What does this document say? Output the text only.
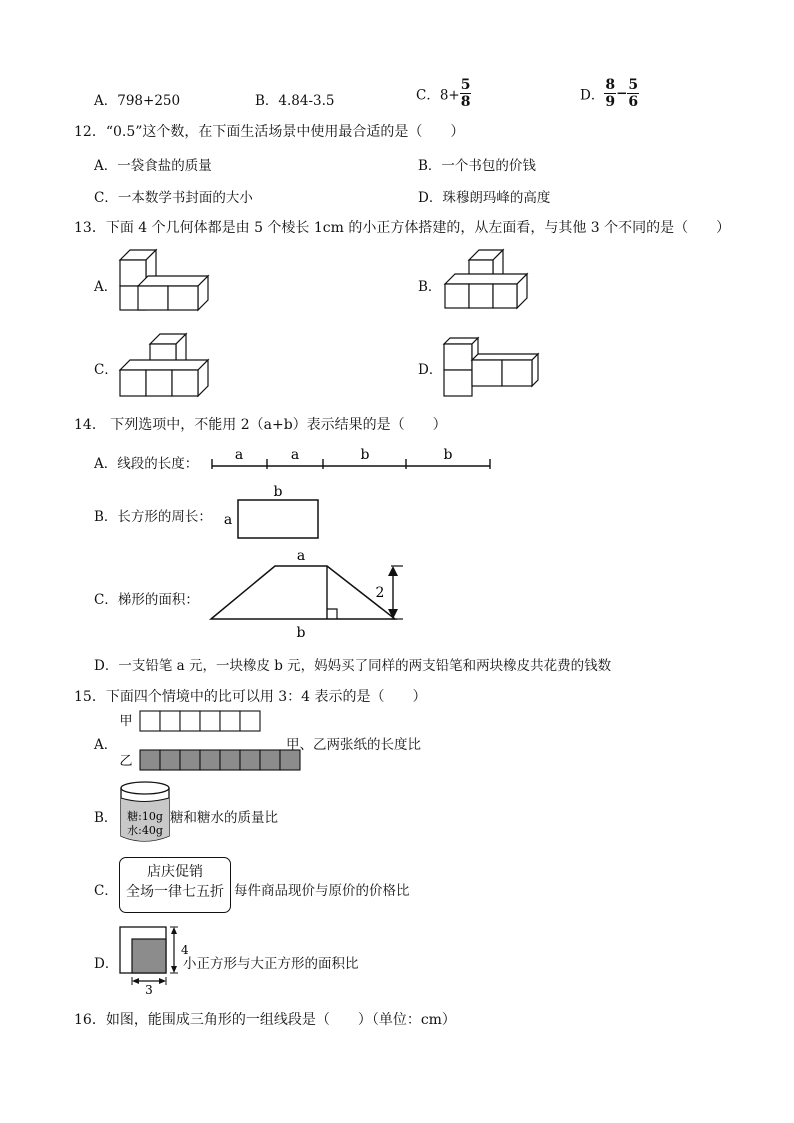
A．798+250	B．4.84-3.5	C．$8+ \frac{5}{8}$	D． $\frac{8}{9} - \frac{5}{6}$
12．“0.5”这个数，在下面生活场景中使用最合适的是（　　）
A．一袋食盐的质量	B．一个书包的价钱
C．一本数学书封面的大小	D．珠穆朗玛峰的高度
13．下面 4 个几何体都是由 5 个棱长 1cm 的小正方体搭建的，从左面看，与其他 3 个不同的是（　　）
A．	B．
C．	D．
14． 下列选项中，不能用 2（a+b）表示结果的是（　　）
A．线段的长度：
a	a	b	b
B．长方形的周长：
b
a
C．梯形的面积：
a
b
2
D．一支铅笔 a 元，一块橡皮 b 元，妈妈买了同样的两支铅笔和两块橡皮共花费的钱数
15．下面四个情境中的比可以用 3：4 表示的是（　　）
A．
甲
乙
甲、乙两张纸的长度比
B． 糖:10g
水:40g
糖和糖水的质量比
C．
店庆促销
全场一律七五折 每件商品现价与原价的价格比
D．
4
3
小正方形与大正方形的面积比
16．如图，能围成三角形的一组线段是（　　）（单位：cm）
